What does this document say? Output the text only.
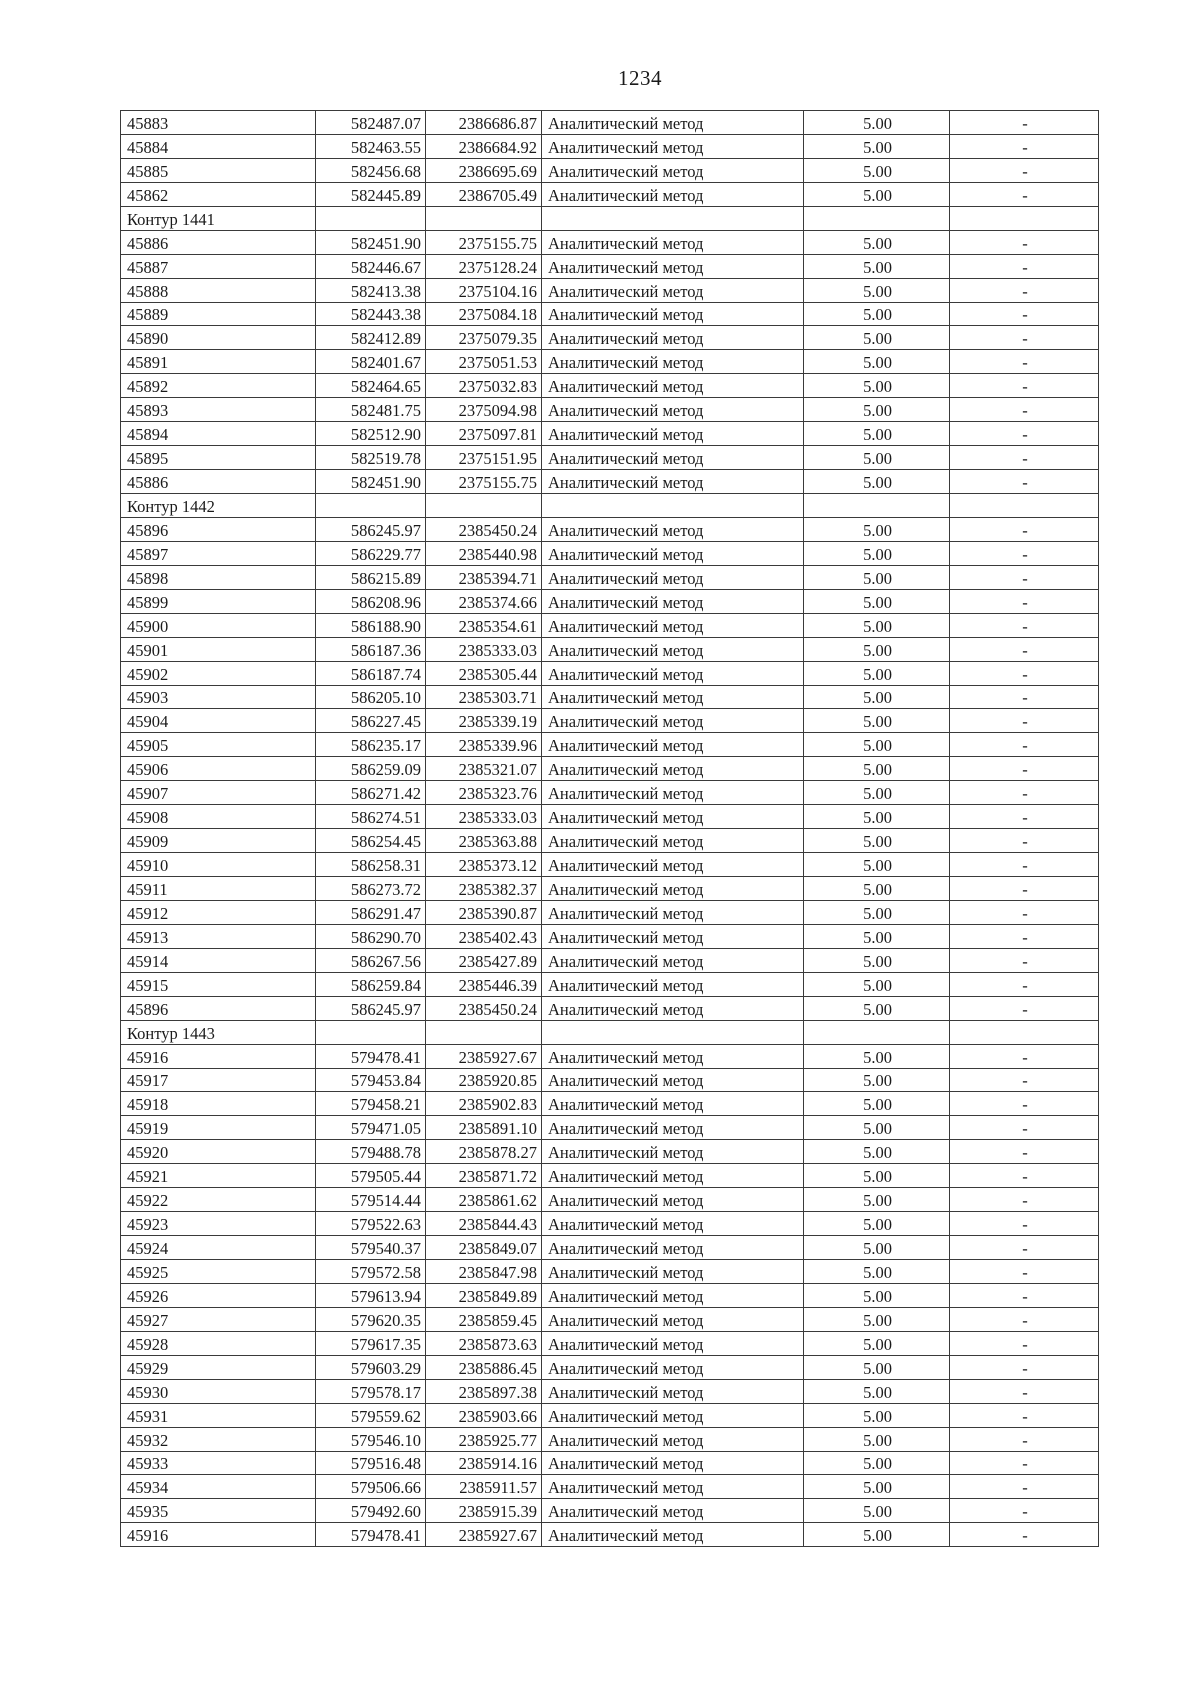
1234
45883	582487.07	2386686.87	Аналитический метод	5.00	-
45884	582463.55	2386684.92	Аналитический метод	5.00	-
45885	582456.68	2386695.69	Аналитический метод	5.00	-
45862	582445.89	2386705.49	Аналитический метод	5.00	-
Контур 1441					
45886	582451.90	2375155.75	Аналитический метод	5.00	-
45887	582446.67	2375128.24	Аналитический метод	5.00	-
45888	582413.38	2375104.16	Аналитический метод	5.00	-
45889	582443.38	2375084.18	Аналитический метод	5.00	-
45890	582412.89	2375079.35	Аналитический метод	5.00	-
45891	582401.67	2375051.53	Аналитический метод	5.00	-
45892	582464.65	2375032.83	Аналитический метод	5.00	-
45893	582481.75	2375094.98	Аналитический метод	5.00	-
45894	582512.90	2375097.81	Аналитический метод	5.00	-
45895	582519.78	2375151.95	Аналитический метод	5.00	-
45886	582451.90	2375155.75	Аналитический метод	5.00	-
Контур 1442					
45896	586245.97	2385450.24	Аналитический метод	5.00	-
45897	586229.77	2385440.98	Аналитический метод	5.00	-
45898	586215.89	2385394.71	Аналитический метод	5.00	-
45899	586208.96	2385374.66	Аналитический метод	5.00	-
45900	586188.90	2385354.61	Аналитический метод	5.00	-
45901	586187.36	2385333.03	Аналитический метод	5.00	-
45902	586187.74	2385305.44	Аналитический метод	5.00	-
45903	586205.10	2385303.71	Аналитический метод	5.00	-
45904	586227.45	2385339.19	Аналитический метод	5.00	-
45905	586235.17	2385339.96	Аналитический метод	5.00	-
45906	586259.09	2385321.07	Аналитический метод	5.00	-
45907	586271.42	2385323.76	Аналитический метод	5.00	-
45908	586274.51	2385333.03	Аналитический метод	5.00	-
45909	586254.45	2385363.88	Аналитический метод	5.00	-
45910	586258.31	2385373.12	Аналитический метод	5.00	-
45911	586273.72	2385382.37	Аналитический метод	5.00	-
45912	586291.47	2385390.87	Аналитический метод	5.00	-
45913	586290.70	2385402.43	Аналитический метод	5.00	-
45914	586267.56	2385427.89	Аналитический метод	5.00	-
45915	586259.84	2385446.39	Аналитический метод	5.00	-
45896	586245.97	2385450.24	Аналитический метод	5.00	-
Контур 1443					
45916	579478.41	2385927.67	Аналитический метод	5.00	-
45917	579453.84	2385920.85	Аналитический метод	5.00	-
45918	579458.21	2385902.83	Аналитический метод	5.00	-
45919	579471.05	2385891.10	Аналитический метод	5.00	-
45920	579488.78	2385878.27	Аналитический метод	5.00	-
45921	579505.44	2385871.72	Аналитический метод	5.00	-
45922	579514.44	2385861.62	Аналитический метод	5.00	-
45923	579522.63	2385844.43	Аналитический метод	5.00	-
45924	579540.37	2385849.07	Аналитический метод	5.00	-
45925	579572.58	2385847.98	Аналитический метод	5.00	-
45926	579613.94	2385849.89	Аналитический метод	5.00	-
45927	579620.35	2385859.45	Аналитический метод	5.00	-
45928	579617.35	2385873.63	Аналитический метод	5.00	-
45929	579603.29	2385886.45	Аналитический метод	5.00	-
45930	579578.17	2385897.38	Аналитический метод	5.00	-
45931	579559.62	2385903.66	Аналитический метод	5.00	-
45932	579546.10	2385925.77	Аналитический метод	5.00	-
45933	579516.48	2385914.16	Аналитический метод	5.00	-
45934	579506.66	2385911.57	Аналитический метод	5.00	-
45935	579492.60	2385915.39	Аналитический метод	5.00	-
45916	579478.41	2385927.67	Аналитический метод	5.00	-
